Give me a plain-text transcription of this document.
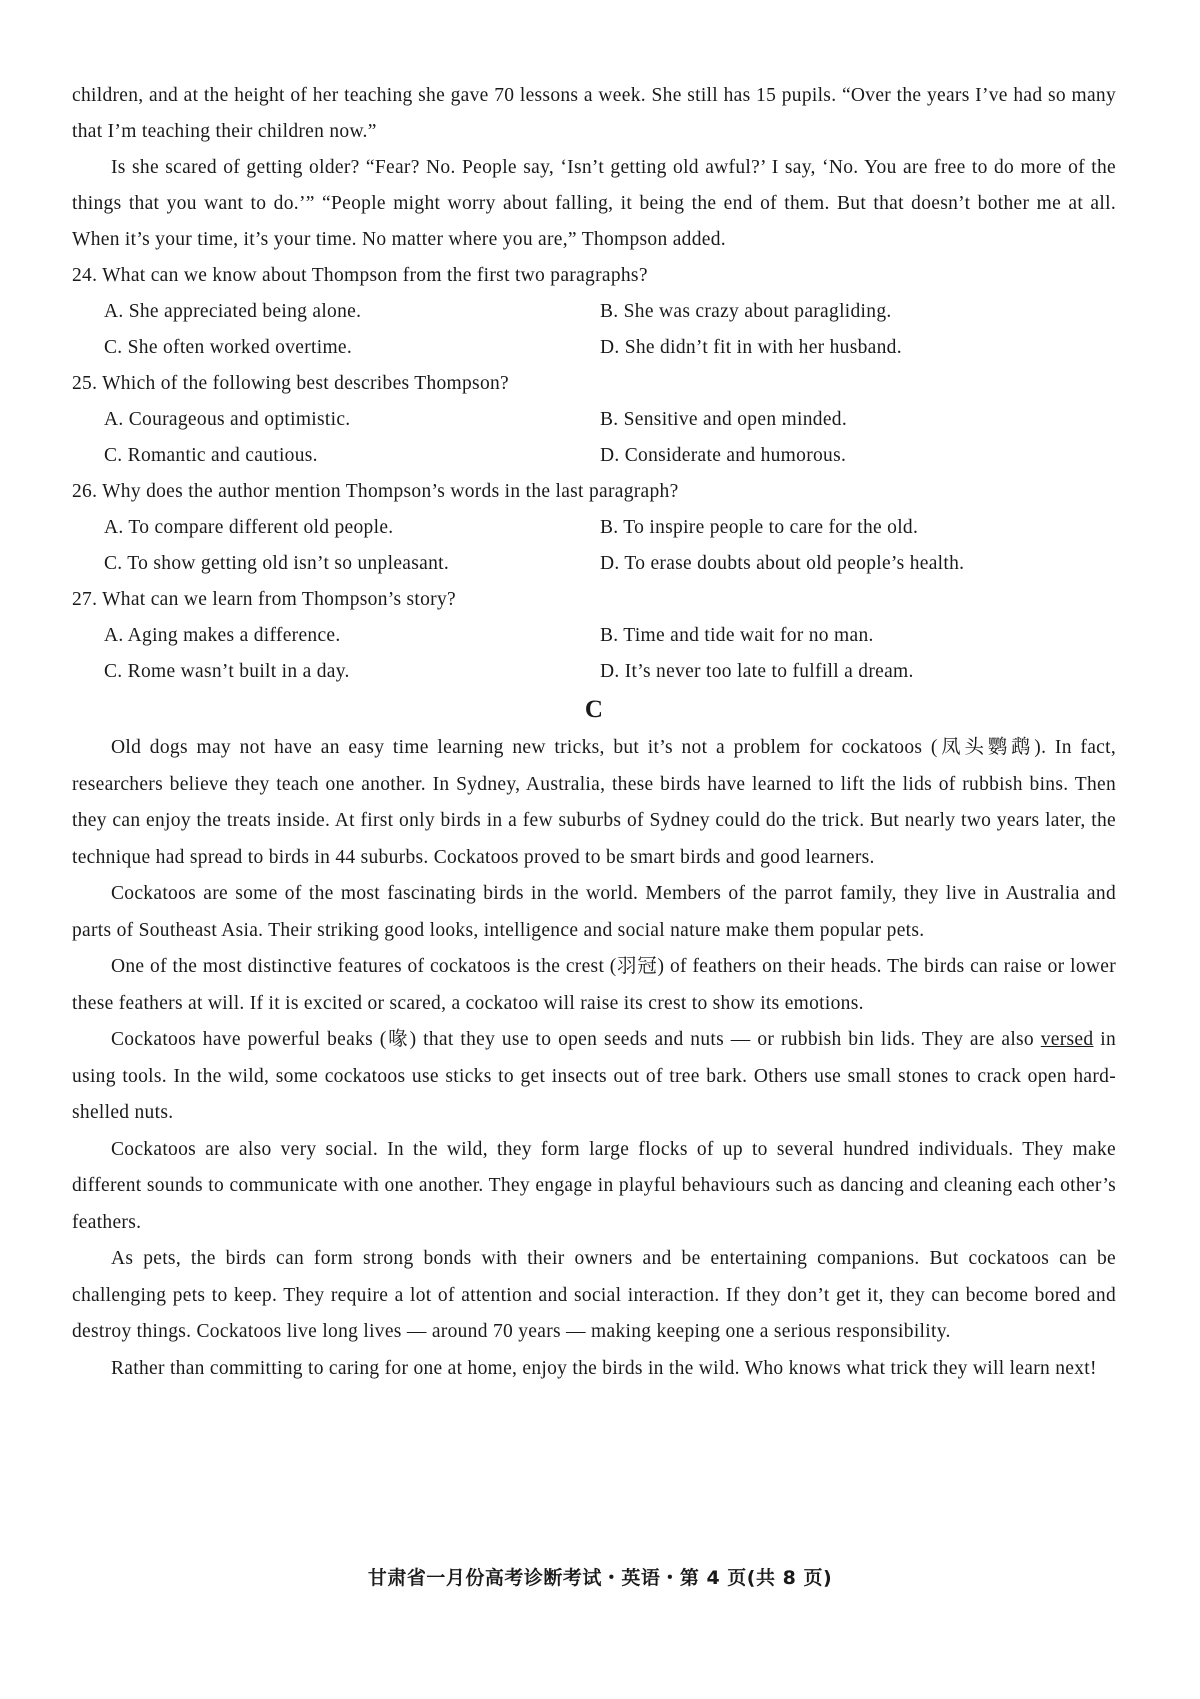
children, and at the height of her teaching she gave 70 lessons a week. She still has 15 pupils. “Over the years I’ve had so many that I’m teaching their children now.”

Is she scared of getting older? “Fear? No. People say, ‘Isn’t getting old awful?’ I say, ‘No. You are free to do more of the things that you want to do.’” “People might worry about falling, it being the end of them. But that doesn’t bother me at all. When it’s your time, it’s your time. No matter where you are,” Thompson added.

24. What can we know about Thompson from the first two paragraphs?

A. She appreciated being alone.	B. She was crazy about paragliding.

C. She often worked overtime.	D. She didn’t fit in with her husband.

25. Which of the following best describes Thompson?

A. Courageous and optimistic.	B. Sensitive and open minded.

C. Romantic and cautious.	D. Considerate and humorous.

26. Why does the author mention Thompson’s words in the last paragraph?

A. To compare different old people.	B. To inspire people to care for the old.

C. To show getting old isn’t so unpleasant.	D. To erase doubts about old people’s health.

27. What can we learn from Thompson’s story?

A. Aging makes a difference.	B. Time and tide wait for no man.

C. Rome wasn’t built in a day.	D. It’s never too late to fulfill a dream.

C

Old dogs may not have an easy time learning new tricks, but it’s not a problem for cockatoos (凤头鹦鹉). In fact, researchers believe they teach one another. In Sydney, Australia, these birds have learned to lift the lids of rubbish bins. Then they can enjoy the treats inside. At first only birds in a few suburbs of Sydney could do the trick. But nearly two years later, the technique had spread to birds in 44 suburbs. Cockatoos proved to be smart birds and good learners.

Cockatoos are some of the most fascinating birds in the world. Members of the parrot family, they live in Australia and parts of Southeast Asia. Their striking good looks, intelligence and social nature make them popular pets.

One of the most distinctive features of cockatoos is the crest (羽冠) of feathers on their heads. The birds can raise or lower these feathers at will. If it is excited or scared, a cockatoo will raise its crest to show its emotions.

Cockatoos have powerful beaks (喙) that they use to open seeds and nuts — or rubbish bin lids. They are also versed in using tools. In the wild, some cockatoos use sticks to get insects out of tree bark. Others use small stones to crack open hard-shelled nuts.

Cockatoos are also very social. In the wild, they form large flocks of up to several hundred individuals. They make different sounds to communicate with one another. They engage in playful behaviours such as dancing and cleaning each other’s feathers.

As pets, the birds can form strong bonds with their owners and be entertaining companions. But cockatoos can be challenging pets to keep. They require a lot of attention and social interaction. If they don’t get it, they can become bored and destroy things. Cockatoos live long lives — around 70 years — making keeping one a serious responsibility.

Rather than committing to caring for one at home, enjoy the birds in the wild. Who knows what trick they will learn next!

甘肃省一月份高考诊断考试・英语・第 4 页(共 8 页)
